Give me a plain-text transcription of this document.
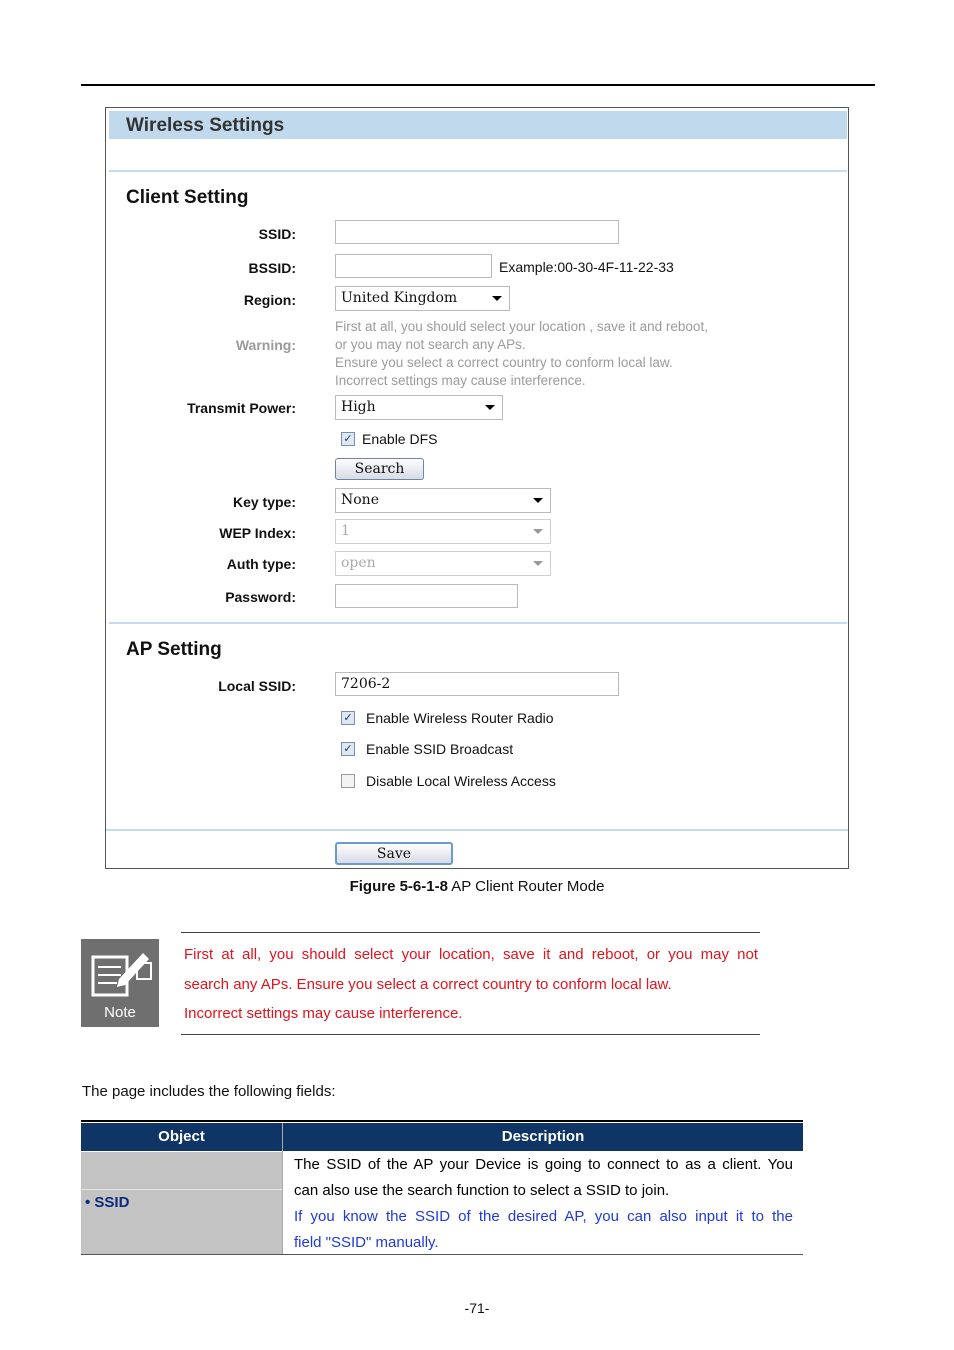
Wireless Settings
Client Setting
SSID:
BSSID:	Example:00-30-4F-11-22-33
Region:	United Kingdom
Warning:
First at all, you should select your location , save it and reboot,
or you may not search any APs.
Ensure you select a correct country to conform local law.
Incorrect settings may cause interference.
Transmit Power:	High
✓ Enable DFS
Search
Key type:	None
WEP Index:	1
Auth type:	open
Password:
AP Setting
Local SSID:	7206-2
✓ Enable Wireless Router Radio
✓ Enable SSID Broadcast
Disable Local Wireless Access
Save
Figure 5-6-1-8 AP Client Router Mode
Note
First at all, you should select your location, save it and reboot, or you may not
search any APs. Ensure you select a correct country to conform local law.
Incorrect settings may cause interference.
The page includes the following fields:
Object	Description
• SSID
The SSID of the AP your Device is going to connect to as a client. You
can also use the search function to select a SSID to join.
If you know the SSID of the desired AP, you can also input it to the
field "SSID" manually.
-71-
